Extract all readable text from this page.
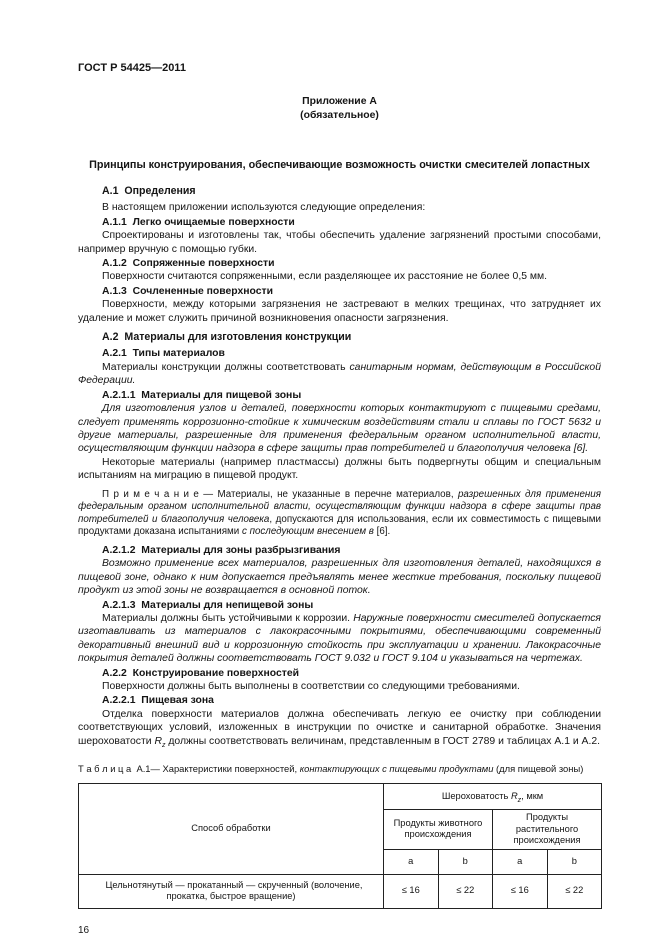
ГОСТ Р 54425—2011
Приложение А
(обязательное)
Принципы конструирования, обеспечивающие возможность очистки смесителей лопастных

А.1  Определения

В настоящем приложении используются следующие определения:

А.1.1  Легко очищаемые поверхности

Спроектированы и изготовлены так, чтобы обеспечить удаление загрязнений простыми способами, например вручную с помощью губки.

А.1.2  Сопряженные поверхности

Поверхности считаются сопряженными, если разделяющее их расстояние не более 0,5 мм.

А.1.3  Сочлененные поверхности

Поверхности, между которыми загрязнения не застревают в мелких трещинах, что затрудняет их удаление и может служить причиной возникновения опасности загрязнения.

А.2  Материалы для изготовления конструкции

А.2.1  Типы материалов

Материалы конструкции должны соответствовать санитарным нормам, действующим в Российской Федерации.

А.2.1.1  Материалы для пищевой зоны

Для изготовления узлов и деталей, поверхности которых контактируют с пищевыми средами, следует применять коррозионно-стойкие к химическим воздействиям стали и сплавы по ГОСТ 5632 и другие материалы, разрешенные для применения федеральным органом исполнительной власти, осуществляющим функции надзора в сфере защиты прав потребителей и благополучия человека [6].

Некоторые материалы (например пластмассы) должны быть подвергнуты общим и специальным испытаниям на миграцию в пищевой продукт.

П р и м е ч а н и е — Материалы, не указанные в перечне материалов, разрешенных для применения федеральным органом исполнительной власти, осуществляющим функции надзора в сфере защиты прав потребителей и благополучия человека, допускаются для использования, если их совместимость с пищевыми продуктами доказана испытаниями с последующим внесением в [6].

А.2.1.2  Материалы для зоны разбрызгивания

Возможно применение всех материалов, разрешенных для изготовления деталей, находящихся в пищевой зоне, однако к ним допускается предъявлять менее жесткие требования, поскольку пищевой продукт из этой зоны не возвращается в основной поток.

А.2.1.3  Материалы для непищевой зоны

Материалы должны быть устойчивыми к коррозии. Наружные поверхности смесителей допускается изготавливать из материалов с лакокрасочными покрытиями, обеспечивающими современный декоративный внешний вид и коррозионную стойкость при эксплуатации и хранении. Лакокрасочные покрытия деталей должны соответствовать ГОСТ 9.032 и ГОСТ 9.104 и указываться на чертежах.

А.2.2  Конструирование поверхностей

Поверхности должны быть выполнены в соответствии со следующими требованиями.

А.2.2.1  Пищевая зона

Отделка поверхности материалов должна обеспечивать легкую ее очистку при соблюдении соответствующих условий, изложенных в инструкции по очистке и санитарной обработке. Значения шероховатости $R_z$ должны соответствовать величинам, представленным в ГОСТ 2789 и таблицах А.1 и А.2.

Т а б л и ц а  А.1— Характеристики поверхностей, контактирующих с пищевыми продуктами (для пищевой зоны)

Способ обработки	Шероховатость $R_z$, мкм			
	Продукты животного происхождения		Продукты растительного происхождения	
	a	b	a	b
Цельнотянутый — прокатанный — скрученный (волочение, прокатка, быстрое вращение)	≤ 16	≤ 22	≤ 16	≤ 22
16
